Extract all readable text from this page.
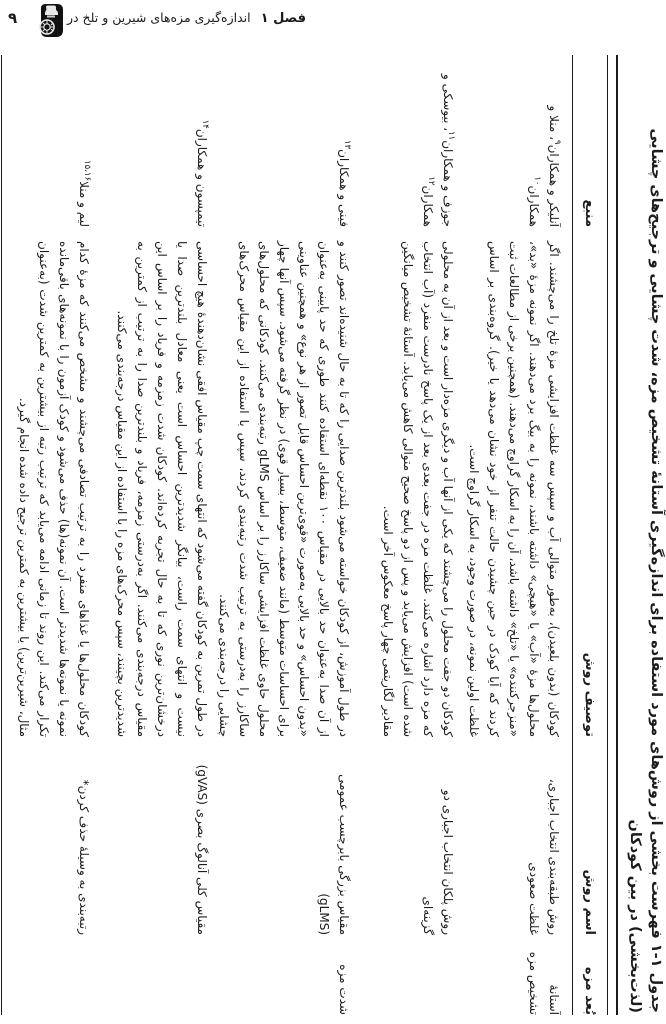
۹	فصل ۱اندازه‌گیری مزه‌های شیرین و تلخ در ...
جدول ۱-۱ فهرست بخشی از روش‌های مورد استفاده برای اندازه‌گیری آستانهٔ تشخیص مزه، شدت چشایی و ترجیح‌های چشایی (لذت‌بخشی) در بین کودکان
بُعد مزه
اسم روش
توصیف روش
منبع
آستانهٔ تشخیص مزه
روش طبقه‌بندی انتخاب اجباری، غلظت صعودی
کودکان (بدون بلعیدن)، به‌طور متوالی آب و سپس سه غلظت افزایشی مزهٔ تلخ را می‌چشند. اگر محلول‌ها مزهٔ «آب» یا «هیچی» داشته باشند، نمونه را به بیگ برد می‌دهند. اگر نمونه مزهٔ «بد»، «منزجرکننده» یا «تلخ» داشته باشد، آن را به اسکار گراوچ می‌دهند. (همچنین برخی از مطالعات ثبت کردند که آیا کودک در حین چشیدن حالت تنفر از خود نشان می‌دهد یا خیر). گروه‌بندی بر اساس غلظت اولین نمونه، در صورت وجود، به اسکار گراوچ است.
آنلیکر و همکاران$^۹$، منلا و همکاران$^{۱۰}$
روش پلکان انتخاب اجباری دو گزینه‌ای
کودکان دو جفت محلول را می‌چشند که یکی از آنها آب و دیگری مزه‌دار است و بعد از آن به محلولی که مزه دارد اشاره می‌کنند. غلظت مزه در جفت بعدی بعد از یک پاسخ نادرست منفرد (آب انتخاب شده است) افزایش می‌یابد و پس از دو پاسخ صحیح متوالی کاهش می‌یابد. آستانهٔ تشخیص میانگین مقادیر لگاریتمی چهار پاسخ معکوس آخر است.
جوزف و همکاران$^{۱۱}$، بیوسکی و همکاران$^{۱۲}$
شدت مزه
مقیاس بزرگی بابرچسب عمومی (gLMS)
در طول آموزش، از کودکان خواسته می‌شود بلندترین صدایی را که تا به حال شنیده‌اند تصور کنند و از آن صدا به‌عنوان حد بالایی در مقیاس ۱۰۰ نقطه‌ای استفاده کنند طوری که حد پایینی به‌عنوان «بدون احساس» و حد بالایی به‌صورت «قوی‌ترین احساس قابل تصور از هر نوع» و همچنین عناوینی برای احساسات متوسط (مانند ضعیف، متوسط، بسیار قوی) در نظر گرفته می‌شود. سپس آنها چهار محلول حاوی غلظت افزایشی ساکارز را بر اساس gLMS رتبه‌بندی می‌کنند. کودکانی که محلول‌های ساکارز را به‌درستی به ترتیب شدت رتبه‌بندی کردند، سپس با استفاده از این مقیاس محرک‌های چشایی را درجه‌بندی می‌کنند.
فینی و همکاران$^{۱۳}$
مقیاس کلی آنالوگ بصری (gVAS)
در طول تمرین به کودکان گفته می‌شود که انتهای سمت چپ مقیاس افقی نشان‌دهندهٔ هیچ احساسی نیست و انتهای سمت راست، بیانگر شدیدترین احساس است یعنی معادل بلندترین صدا یا درخشان‌ترین نوری که تا به حال تجربه کرده‌اند. کودکان شدت زمزمه و فریاد را بر اساس این مقیاس درجه‌بندی می‌کنند. اگر به‌درستی زمزمه، فریاد و بلندترین صدا را به ترتیب از کمترین به شدیدترین بچینند، سپس محرک‌های مزه را با استفاده از این مقیاس درجه‌بندی می‌کنند.
تیمپسون و همکاران$^{۱۴}$
رتبه‌بندی به وسیلهٔ حذف کردن*
کودکان محلول‌ها یا غذاهای منفرد را به ترتیب تصادفی می‌چشند و مشخص می‌کنند که مزهٔ کدام نمونه یا نمونه‌ها شدیدتر است. آن نمونه(ها) حذف می‌شود و کودک آزمون را با نمونه‌های باقی‌مانده تکرار می‌کند. این روند تا زمانی ادامه می‌یابد که ترتیب رتبه از بیشترین به کمترین شدت (به‌عنوان مثال، شیرین‌ترین) یا بیشترین به کمترین ترجیح داده شده انجام گیرد.
لیم و منلا$^{۱۵،۱۶}$
